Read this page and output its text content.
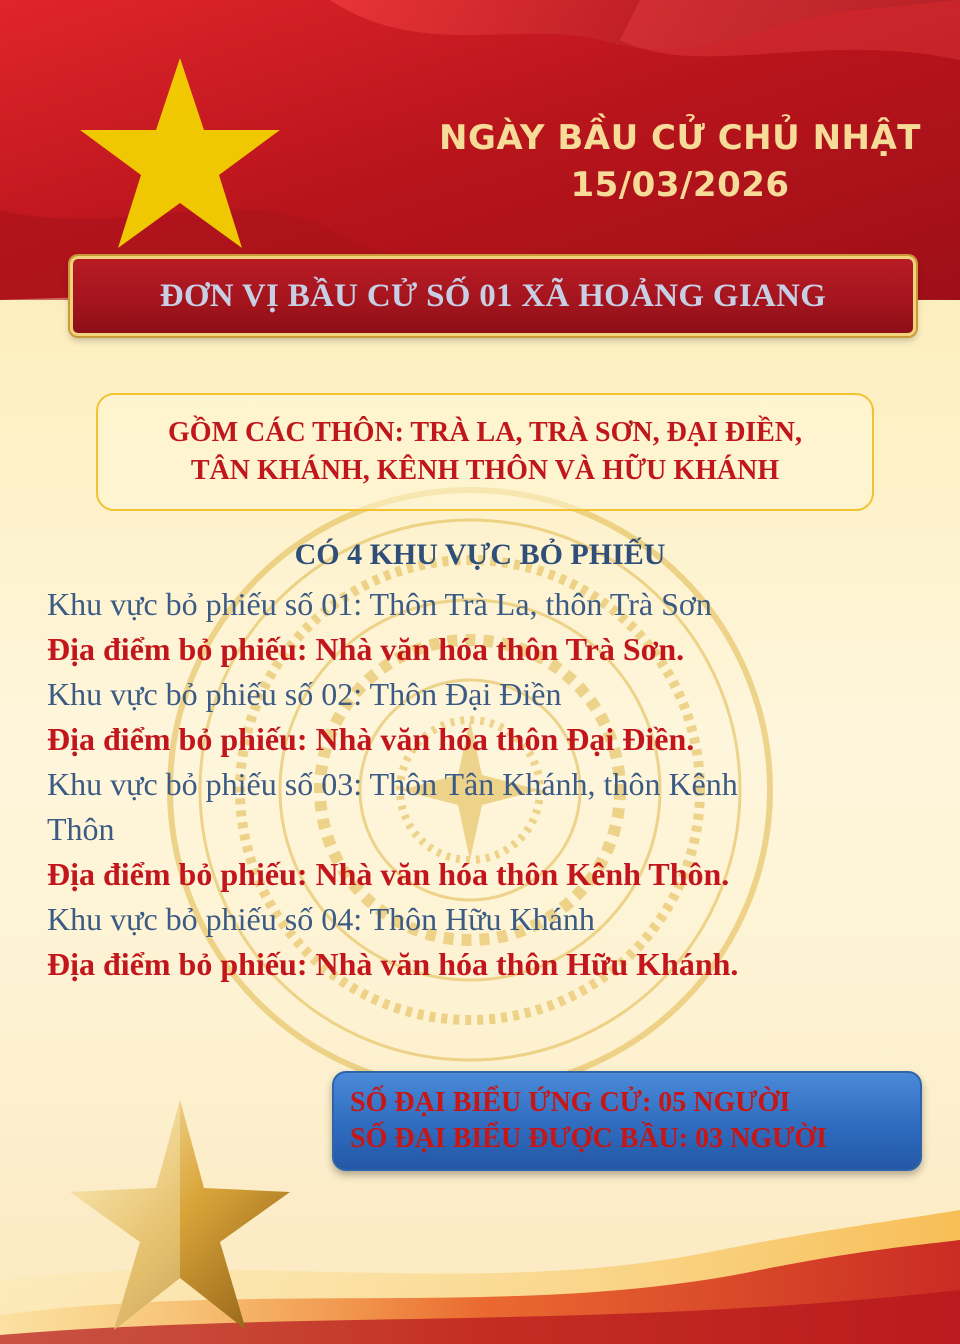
NGÀY BẦU CỬ CHỦ NHẬT
15/03/2026
ĐƠN VỊ BẦU CỬ SỐ 01 XÃ HOẢNG GIANG
GỒM CÁC THÔN: TRÀ LA, TRÀ SƠN, ĐẠI ĐIỀN,
TÂN KHÁNH, KÊNH THÔN VÀ HỮU KHÁNH
CÓ 4 KHU VỰC BỎ PHIẾU
Khu vực bỏ phiếu số 01: Thôn Trà La, thôn Trà Sơn
Địa điểm bỏ phiếu: Nhà văn hóa thôn Trà Sơn.
Khu vực bỏ phiếu số 02: Thôn Đại Điền
Địa điểm bỏ phiếu: Nhà văn hóa thôn Đại Điền.
Khu vực bỏ phiếu số 03: Thôn Tân Khánh, thôn Kênh
Thôn
Địa điểm bỏ phiếu: Nhà văn hóa thôn Kênh Thôn.
Khu vực bỏ phiếu số 04: Thôn Hữu Khánh
Địa điểm bỏ phiếu: Nhà văn hóa thôn Hữu Khánh.
SỐ ĐẠI BIỂU ỨNG CỬ: 05 NGƯỜI
SỐ ĐẠI BIỂU ĐƯỢC BẦU: 03 NGƯỜI
